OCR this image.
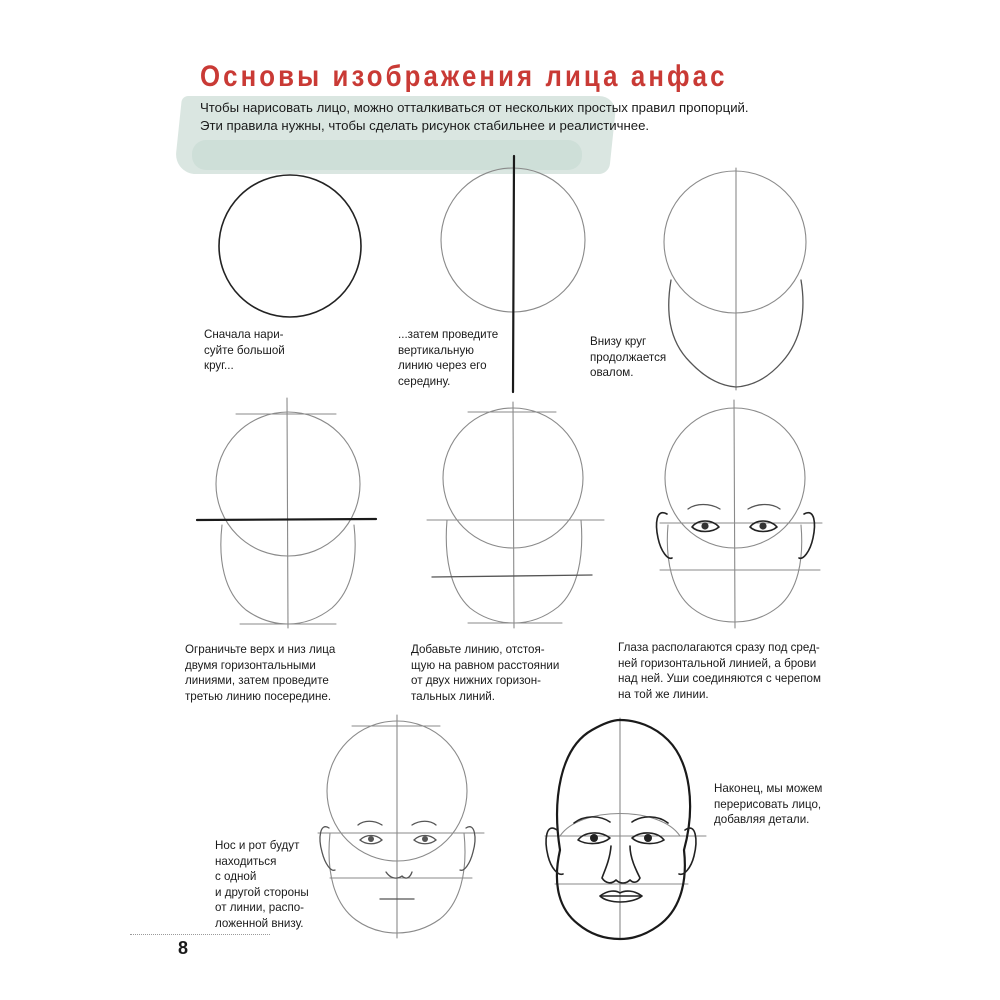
Основы изображения лица анфас
Чтобы нарисовать лицо, можно отталкиваться от нескольких простых правил пропорций.
Эти правила нужны, чтобы сделать рисунок стабильнее и реалистичнее.
Сначала нари-
суйте большой
круг...
...затем проведите
вертикальную
линию через его
середину.
Внизу круг
продолжается
овалом.
Ограничьте верх и низ лица
двумя горизонтальными
линиями, затем проведите
третью линию посередине.
Добавьте линию, отстоя-
щую на равном расстоянии
от двух нижних горизон-
тальных линий.
Глаза располагаются сразу под сред-
ней горизонтальной линией, а брови
над ней. Уши соединяются с черепом
на той же линии.
Нос и рот будут
находиться
с одной
и другой стороны
от линии, распо-
ложенной внизу.
Наконец, мы можем
перерисовать лицо,
добавляя детали.
8
